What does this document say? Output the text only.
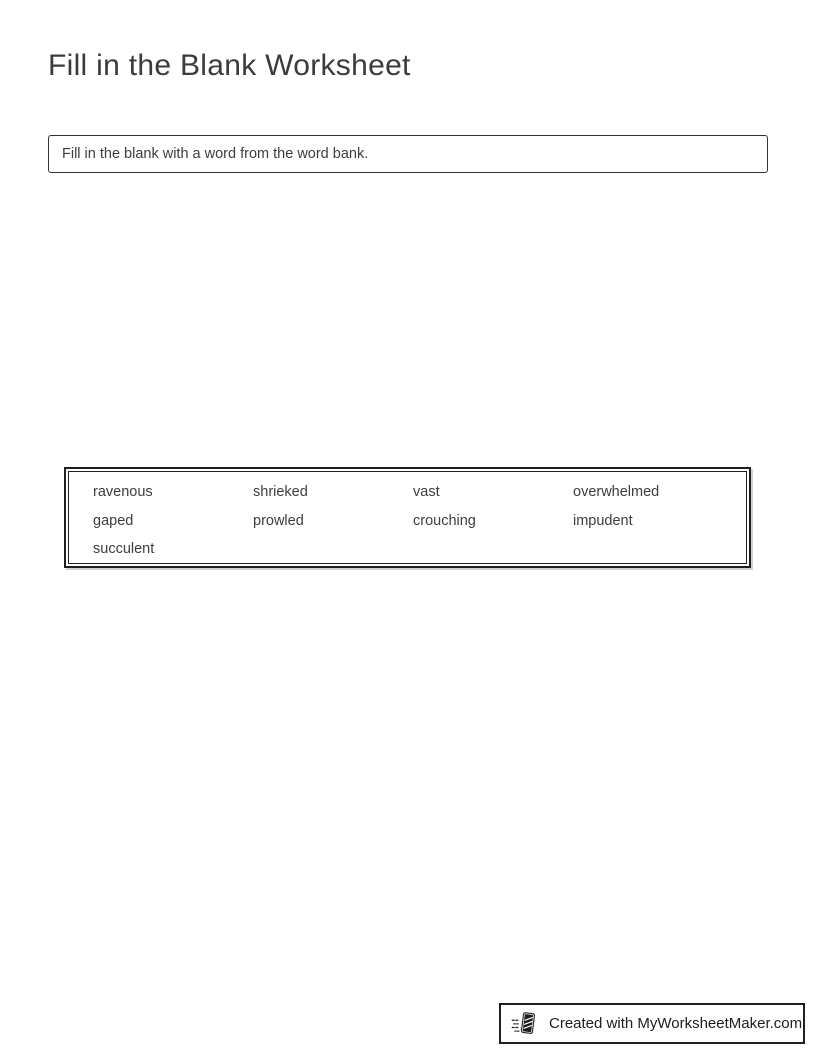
Fill in the Blank Worksheet
Fill in the blank with a word from the word bank.
ravenous	shrieked	vast	overwhelmed
gaped	prowled	crouching	impudent
succulent
Created with MyWorksheetMaker.com
